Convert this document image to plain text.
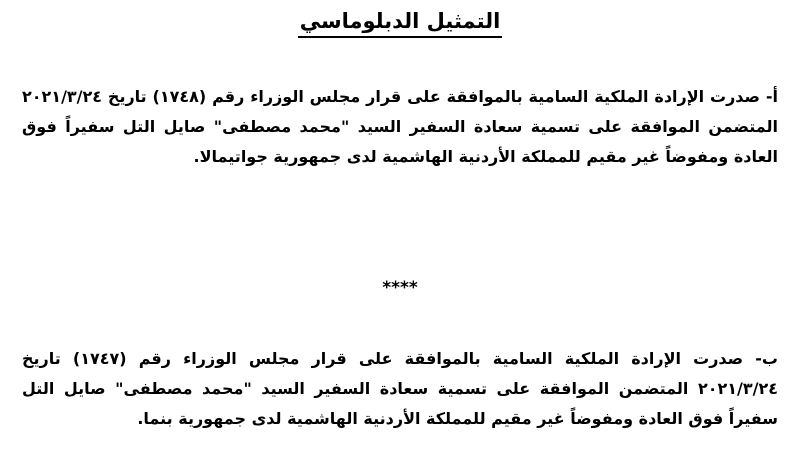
التمثيل الدبلوماسي
أ- صدرت الإرادة الملكية السامية بالموافقة على قرار مجلس الوزراء رقم (١٧٤٨) تاريخ ٢٠٢١/٣/٢٤ المتضمن الموافقة على تسمية سعادة السفير السيد "محمد مصطفى" صايل التل سفيراً فوق العادة ومفوضاً غير مقيم للمملكة الأردنية الهاشمية لدى جمهورية جواتيمالا.
****
ب- صدرت الإرادة الملكية السامية بالموافقة على قرار مجلس الوزراء رقم (١٧٤٧) تاريخ ٢٠٢١/٣/٢٤ المتضمن الموافقة على تسمية سعادة السفير السيد "محمد مصطفى" صايل التل سفيراً فوق العادة ومفوضاً غير مقيم للمملكة الأردنية الهاشمية لدى جمهورية بنما.
